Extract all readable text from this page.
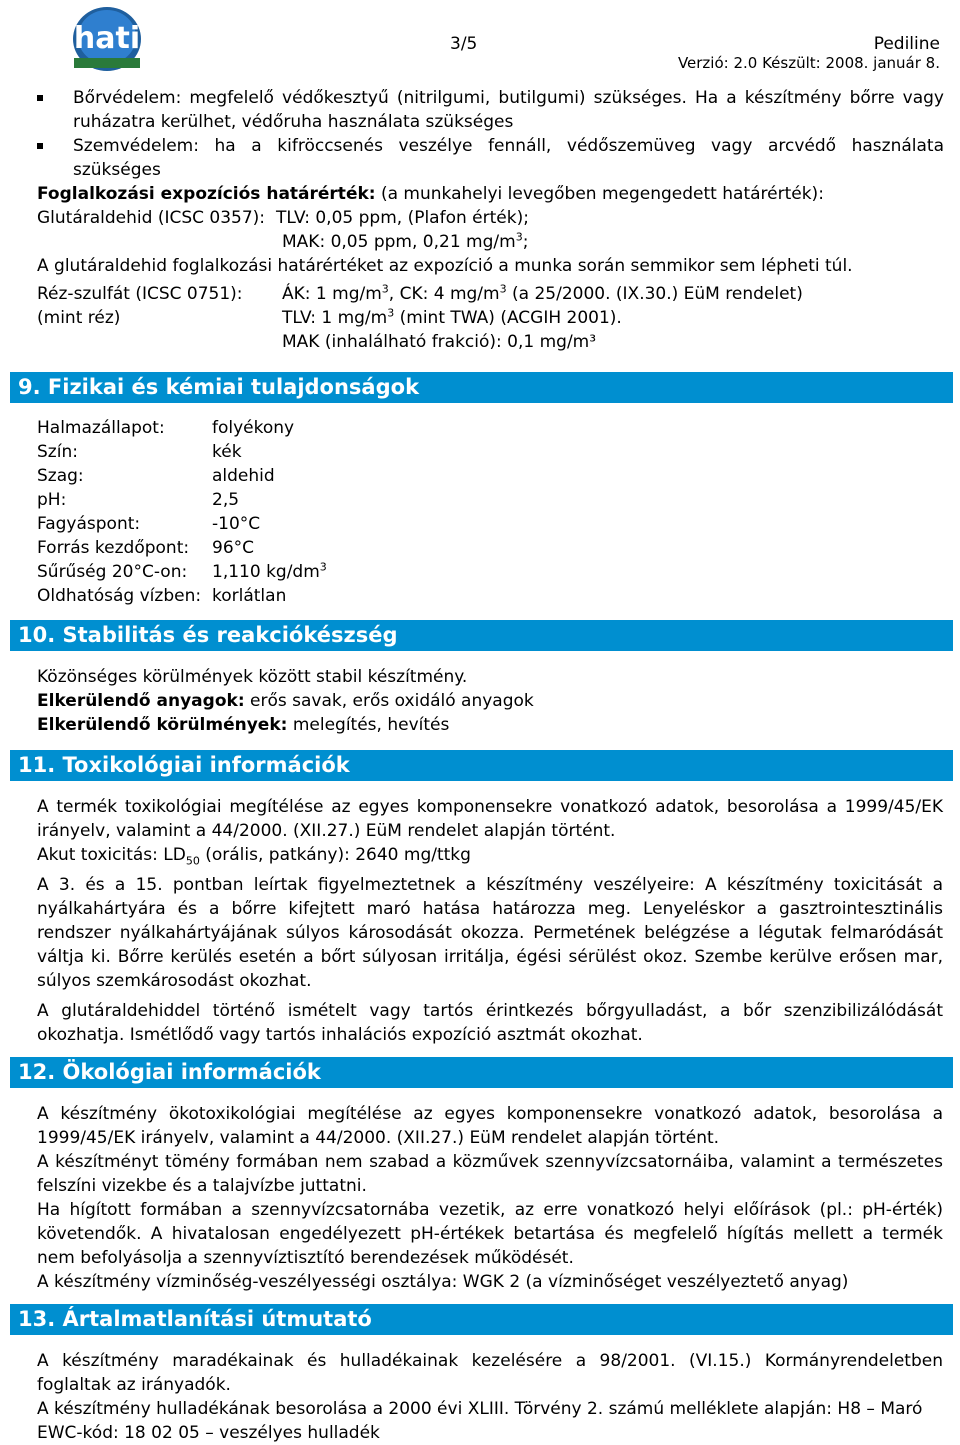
hati	3/5	Pediline
Verzió: 2.0 Készült: 2008. január 8.

Bőrvédelem: megfelelő védőkesztyű (nitrilgumi, butilgumi) szükséges. Ha a készítmény bőrre vagy ruházatra kerülhet, védőruha használata szükséges

Szemvédelem: ha a kifröccsenés veszélye fennáll, védőszemüveg vagy arcvédő használata szükséges

Foglalkozási expozíciós határérték: (a munkahelyi levegőben megengedett határérték):

Glutáraldehid (ICSC 0357): TLV: 0,05 ppm, (Plafon érték);
MAK: 0,05 ppm, 0,21 $mg/m^3$;

A glutáraldehid foglalkozási határértéket az expozíció a munka során semmikor sem lépheti túl.

Réz-szulfát (ICSC 0751):	ÁK: 1 $mg/m^3$, CK: 4 $mg/m^3$ (a 25/2000. (IX.30.) EüM rendelet)
(mint réz)	TLV: 1 $mg/m^3$ (mint TWA) (ACGIH 2001).
MAK (inhalálható frakció): 0,1 mg/m³
9. Fizikai és kémiai tulajdonságok
Halmazállapot:	folyékony
Szín:	kék
Szag:	aldehid
pH:	2,5
Fagyáspont:	-10°C
Forrás kezdőpont:	96°C
Sűrűség 20°C-on:	1,110 $kg/dm^3$
Oldhatóság vízben: korlátlan
10. Stabilitás és reakciókészség

Közönséges körülmények között stabil készítmény.

Elkerülendő anyagok: erős savak, erős oxidáló anyagok

Elkerülendő körülmények: melegítés, hevítés

11. Toxikológiai információk

A termék toxikológiai megítélése az egyes komponensekre vonatkozó adatok, besorolása a 1999/45/EK irányelv, valamint a 44/2000. (XII.27.) EüM rendelet alapján történt.

Akut toxicitás: $LD_{50}$ (orális, patkány): 2640 mg/ttkg

A 3. és a 15. pontban leírtak figyelmeztetnek a készítmény veszélyeire: A készítmény toxicitását a nyálkahártyára és a bőrre kifejtett maró hatása határozza meg. Lenyeléskor a gasztrointesztinális rendszer nyálkahártyájának súlyos károsodását okozza. Permetének belégzése a légutak felmaródását váltja ki. Bőrre kerülés esetén a bőrt súlyosan irritálja, égési sérülést okoz. Szembe kerülve erősen mar, súlyos szemkárosodást okozhat.

A glutáraldehiddel történő ismételt vagy tartós érintkezés bőrgyulladást, a bőr szenzibilizálódását okozhatja. Ismétlődő vagy tartós inhalációs expozíció asztmát okozhat.

12. Ökológiai információk

A készítmény ökotoxikológiai megítélése az egyes komponensekre vonatkozó adatok, besorolása a 1999/45/EK irányelv, valamint a 44/2000. (XII.27.) EüM rendelet alapján történt.

A készítményt tömény formában nem szabad a közművek szennyvízcsatornáiba, valamint a természetes felszíni vizekbe és a talajvízbe juttatni.

Ha hígított formában a szennyvízcsatornába vezetik, az erre vonatkozó helyi előírások (pl.: pH-érték) követendők. A hivatalosan engedélyezett pH-értékek betartása és megfelelő hígítás mellett a termék nem befolyásolja a szennyvíztisztító berendezések működését.

A készítmény vízminőség-veszélyességi osztálya: WGK 2 (a vízminőséget veszélyeztető anyag)

13. Ártalmatlanítási útmutató

A készítmény maradékainak és hulladékainak kezelésére a 98/2001. (VI.15.) Kormányrendeletben foglaltak az irányadók.

A készítmény hulladékának besorolása a 2000 évi XLIII. Törvény 2. számú melléklete alapján: H8 – Maró

EWC-kód: 18 02 05 – veszélyes hulladék
